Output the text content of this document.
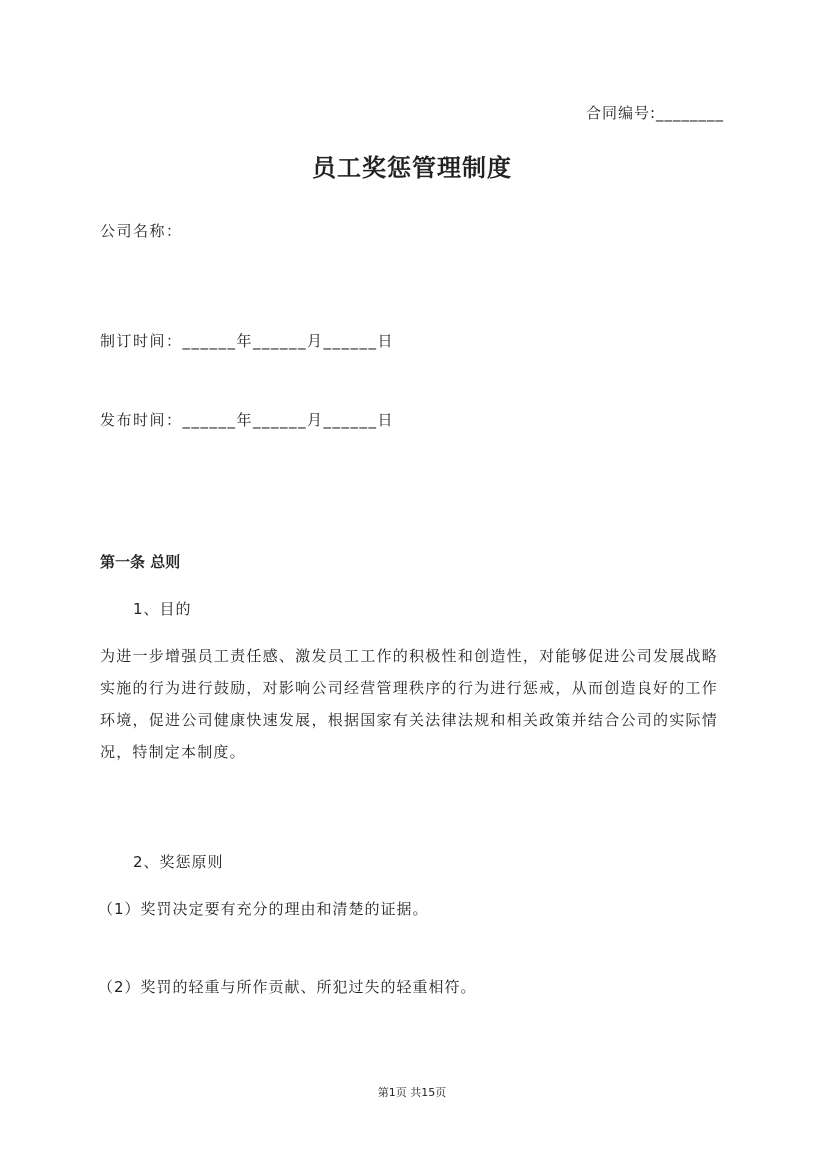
合同编号:________
员工奖惩管理制度
公司名称：
制订时间：______年______月______日
发布时间：______年______月______日
第一条 总则
1、目的
为进一步增强员工责任感、激发员工工作的积极性和创造性，对能够促进公司发展战略实施的行为进行鼓励，对影响公司经营管理秩序的行为进行惩戒，从而创造良好的工作环境，促进公司健康快速发展，根据国家有关法律法规和相关政策并结合公司的实际情况，特制定本制度。
2、奖惩原则
（1）奖罚决定要有充分的理由和清楚的证据。
（2）奖罚的轻重与所作贡献、所犯过失的轻重相符。
第1页 共15页
